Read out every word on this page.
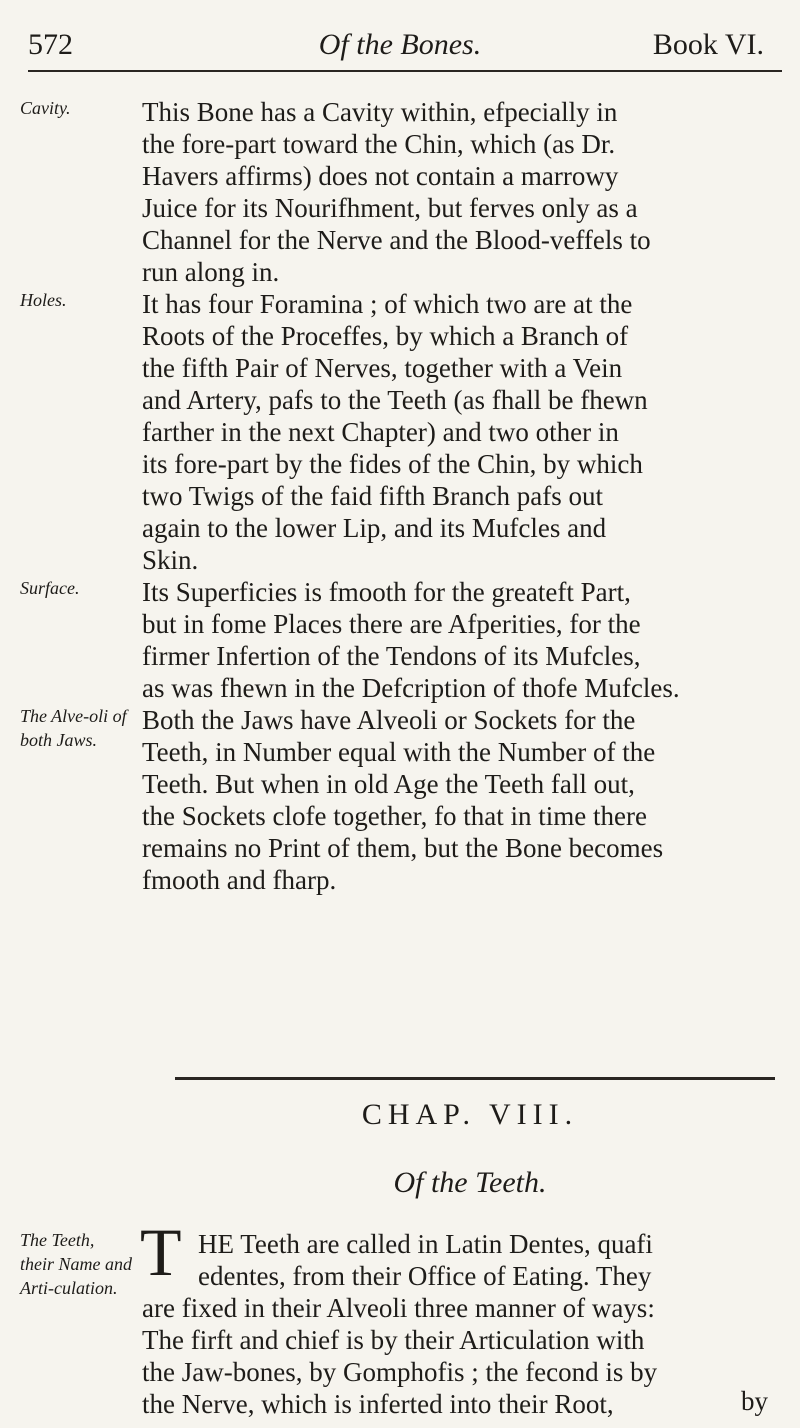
572	Of the Bones.	Book VI.
Cavity.	This Bone has a Cavity within, efpecially in
the fore-part toward the Chin, which (as Dr.
Havers affirms) does not contain a marrowy
Juice for its Nourifhment, but ferves only as a
Channel for the Nerve and the Blood-veffels to
run along in.
Holes.	It has four Foramina ; of which two are at the
Roots of the Proceffes, by which a Branch of
the fifth Pair of Nerves, together with a Vein
and Artery, pafs to the Teeth (as fhall be fhewn
farther in the next Chapter) and two other in
its fore-part by the fides of the Chin, by which
two Twigs of the faid fifth Branch pafs out
again to the lower Lip, and its Mufcles and
Skin.
Surface.	Its Superficies is fmooth for the greateft Part,
but in fome Places there are Afperities, for the
firmer Infertion of the Tendons of its Mufcles,
as was fhewn in the Defcription of thofe Mufcles.
The Alve-oli of both Jaws.
Both the Jaws have Alveoli or Sockets for the
Teeth, in Number equal with the Number of the
Teeth. But when in old Age the Teeth fall out,
the Sockets clofe together, fo that in time there
remains no Print of them, but the Bone becomes
fmooth and fharp.
CHAP. VIII.
Of the Teeth.
The Teeth, their Name and Arti-culation. T HE Teeth are called in Latin Dentes, quafi
edentes, from their Office of Eating. They
are fixed in their Alveoli three manner of ways:
The firft and chief is by their Articulation with
the Jaw-bones, by Gomphofis ; the fecond is by
the Nerve, which is inferted into their Root,	by
